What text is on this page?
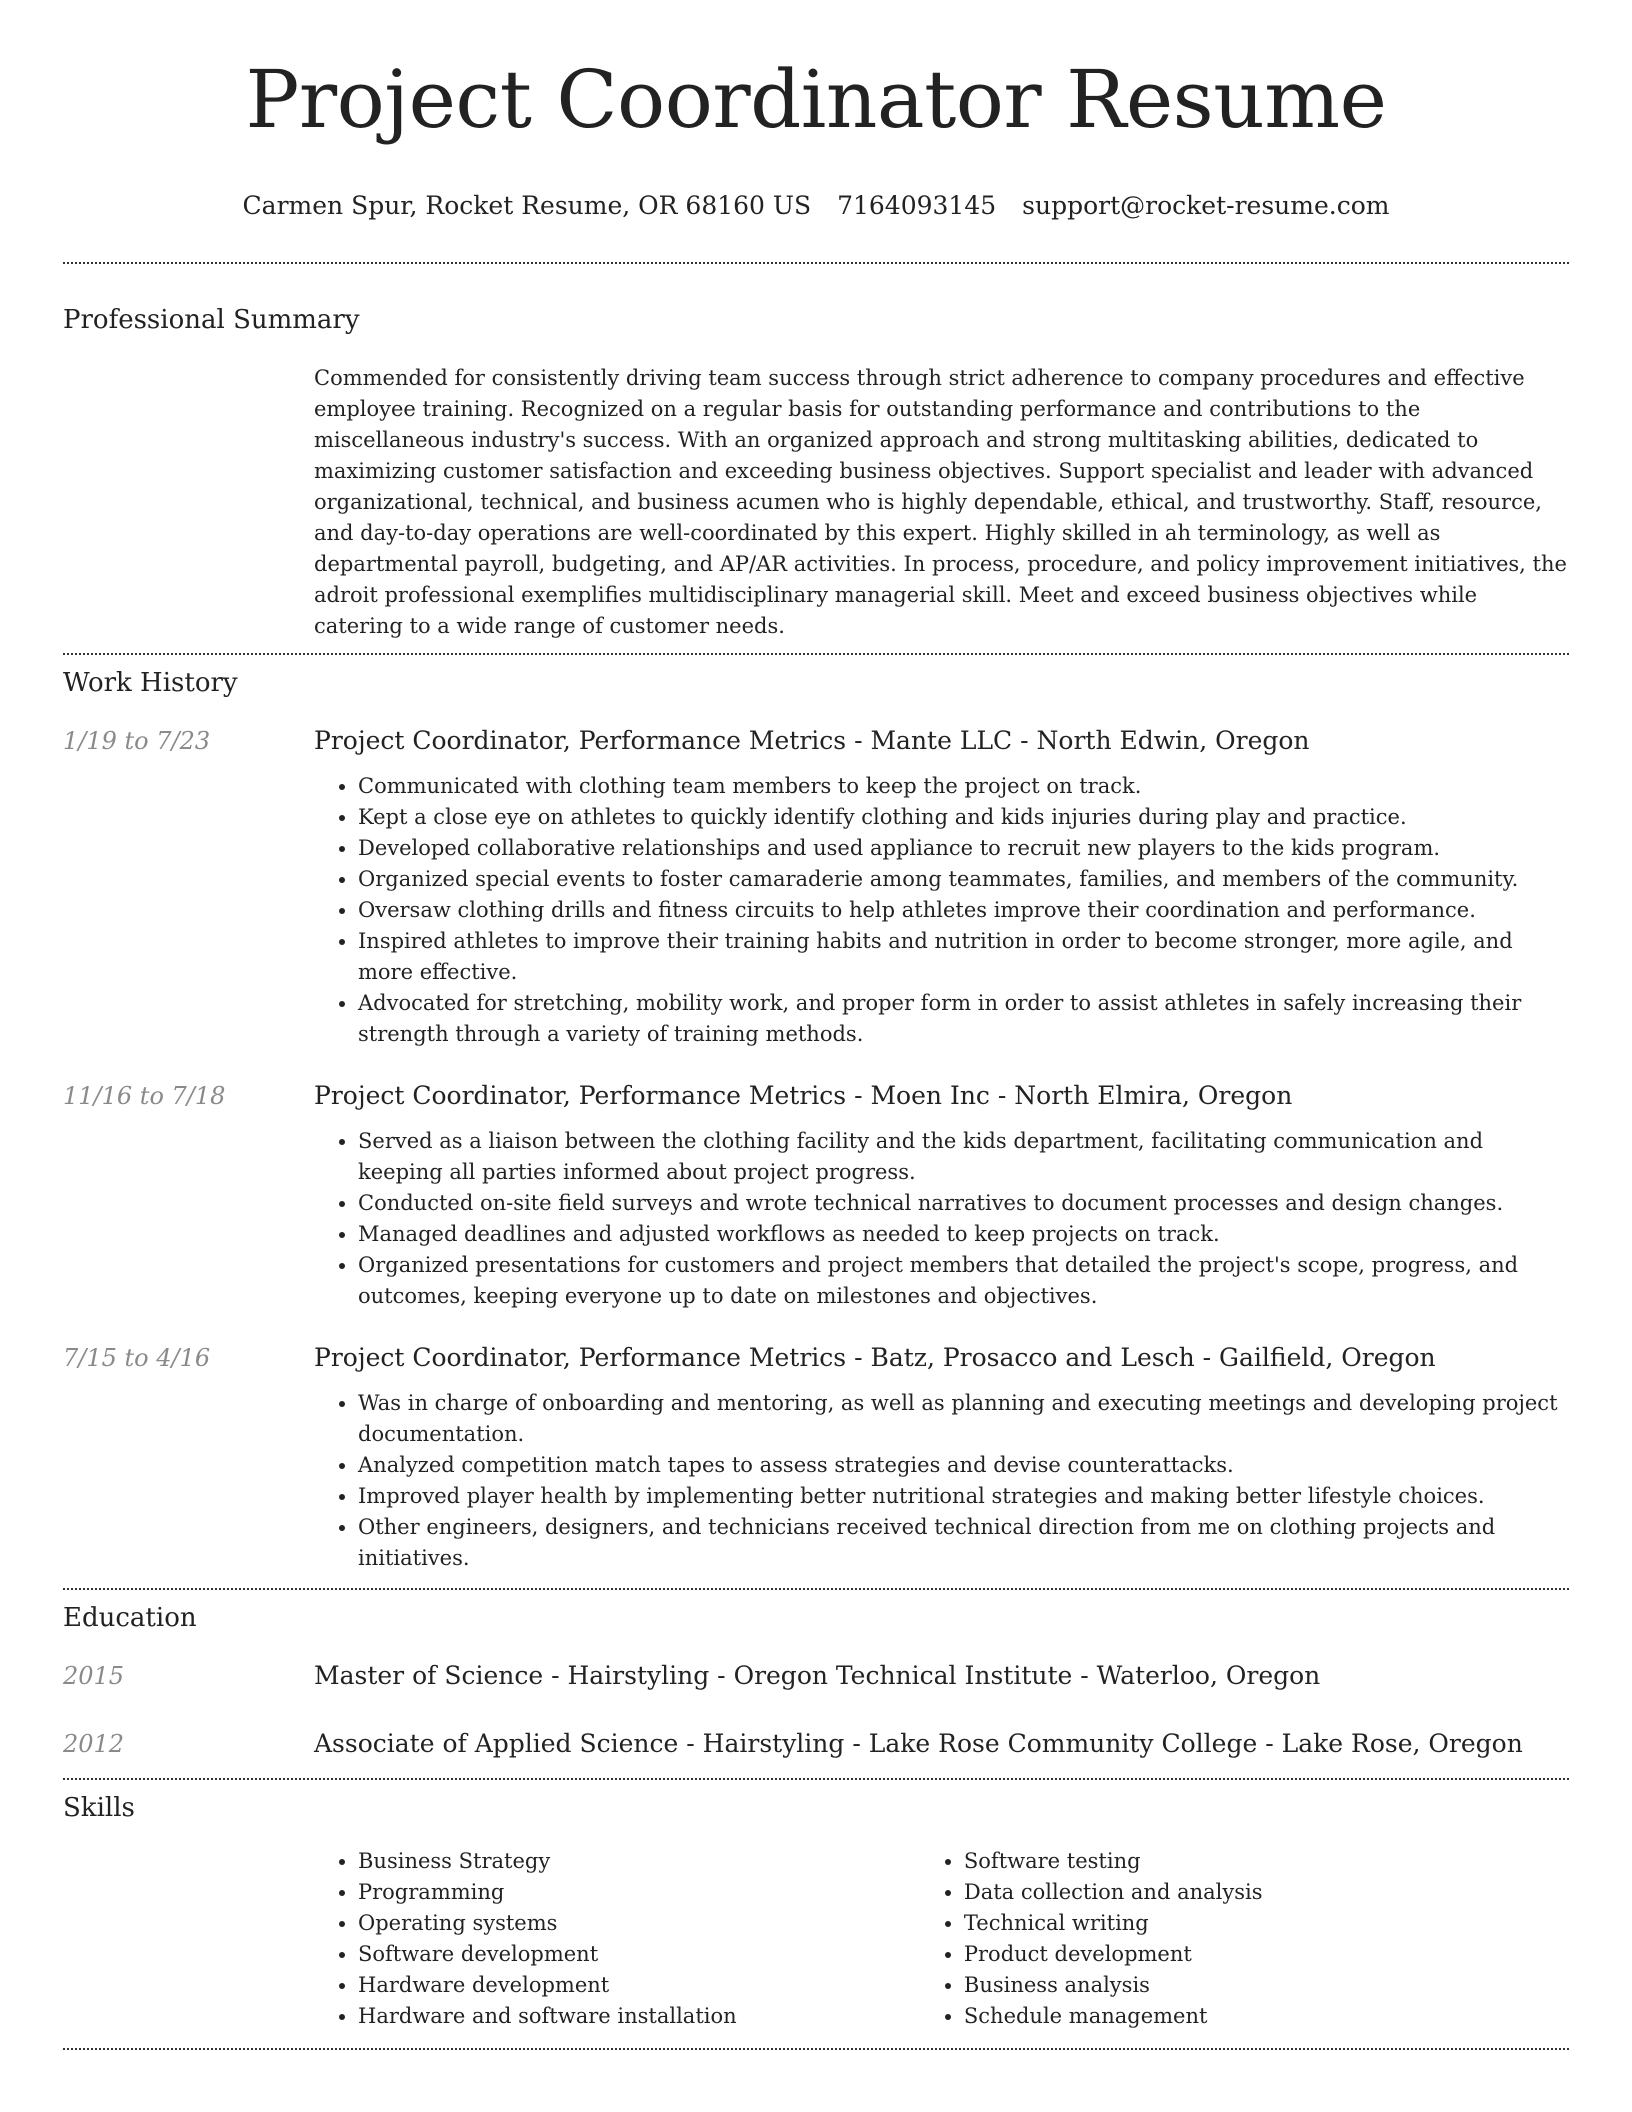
Project Coordinator Resume
Carmen Spur, Rocket Resume, OR 68160 US 7164093145 support@rocket-resume.com
Professional Summary

Commended for consistently driving team success through strict adherence to company procedures and effective employee training. Recognized on a regular basis for outstanding performance and contributions to the miscellaneous industry's success. With an organized approach and strong multitasking abilities, dedicated to maximizing customer satisfaction and exceeding business objectives. Support specialist and leader with advanced organizational, technical, and business acumen who is highly dependable, ethical, and trustworthy. Staff, resource, and day-to-day operations are well-coordinated by this expert. Highly skilled in ah terminology, as well as departmental payroll, budgeting, and AP/AR activities. In process, procedure, and policy improvement initiatives, the adroit professional exemplifies multidisciplinary managerial skill. Meet and exceed business objectives while catering to a wide range of customer needs.

Work History
1/19 to 7/23	Project Coordinator, Performance Metrics - Mante LLC - North Edwin, Oregon
• Communicated with clothing team members to keep the project on track.
• Kept a close eye on athletes to quickly identify clothing and kids injuries during play and practice.
• Developed collaborative relationships and used appliance to recruit new players to the kids program.
• Organized special events to foster camaraderie among teammates, families, and members of the community.
• Oversaw clothing drills and fitness circuits to help athletes improve their coordination and performance.
• Inspired athletes to improve their training habits and nutrition in order to become stronger, more agile, and more effective.
• Advocated for stretching, mobility work, and proper form in order to assist athletes in safely increasing their strength through a variety of training methods.
11/16 to 7/18	Project Coordinator, Performance Metrics - Moen Inc - North Elmira, Oregon
• Served as a liaison between the clothing facility and the kids department, facilitating communication and keeping all parties informed about project progress.
• Conducted on-site field surveys and wrote technical narratives to document processes and design changes.
• Managed deadlines and adjusted workflows as needed to keep projects on track.
• Organized presentations for customers and project members that detailed the project's scope, progress, and outcomes, keeping everyone up to date on milestones and objectives.
7/15 to 4/16	Project Coordinator, Performance Metrics - Batz, Prosacco and Lesch - Gailfield, Oregon
• Was in charge of onboarding and mentoring, as well as planning and executing meetings and developing project documentation.
• Analyzed competition match tapes to assess strategies and devise counterattacks.
• Improved player health by implementing better nutritional strategies and making better lifestyle choices.
• Other engineers, designers, and technicians received technical direction from me on clothing projects and initiatives.
Education
2015	Master of Science - Hairstyling - Oregon Technical Institute - Waterloo, Oregon
2012	Associate of Applied Science - Hairstyling - Lake Rose Community College - Lake Rose, Oregon
Skills
• Business Strategy
• Programming
• Operating systems
• Software development
• Hardware development
• Hardware and software installation
• Software testing
• Data collection and analysis
• Technical writing
• Product development
• Business analysis
• Schedule management
